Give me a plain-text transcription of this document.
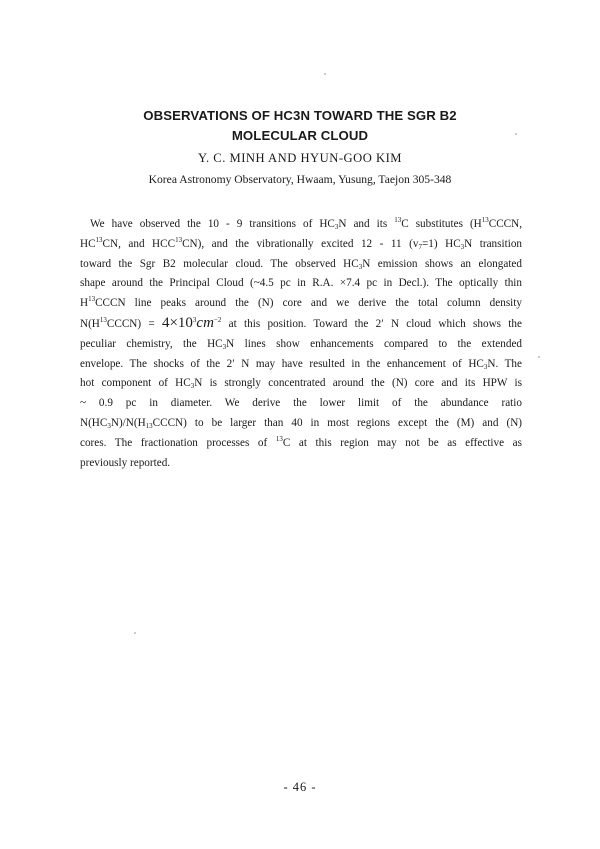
OBSERVATIONS OF HC3N TOWARD THE SGR B2
MOLECULAR CLOUD
Y. C. MINH AND HYUN-GOO KIM
Korea Astronomy Observatory, Hwaam, Yusung, Taejon 305-348
We have observed the 10 - 9 transitions of $HC_3N$ and its $^{13}$C substitutes ($H^{13}CCCN$,
HC$^{13}$CN, and HCC$^{13}$CN), and the vibrationally excited 12 - 11 $(v_7=1)$ $HC_3N$ transition
toward the Sgr B2 molecular cloud. The observed $HC_3N$ emission shows an elongated
shape around the Principal Cloud (~4.5 pc in R.A. ×7.4 pc in Decl.). The optically thin
$H^{13}CCCN$ line peaks around the (N) core and we derive the total column density
$N(H^{13}CCCN) = 4\times 10^3cm^{-2}$ at this position. Toward the 2′ N cloud which shows the
peculiar chemistry, the $HC_3N$ lines show enhancements compared to the extended
envelope. The shocks of the 2′ N may have resulted in the enhancement of $HC_3N$. The
hot component of $HC_3N$ is strongly concentrated around the (N) core and its HPW is
~ 0.9 pc in diameter. We derive the lower limit of the abundance ratio
$N(HC_3N)/N(H_{13}CCCN)$ to be larger than 40 in most regions except the (M) and (N)
cores. The fractionation processes of $^{13}$C at this region may not be as effective as
previously reported.
- 46 -
